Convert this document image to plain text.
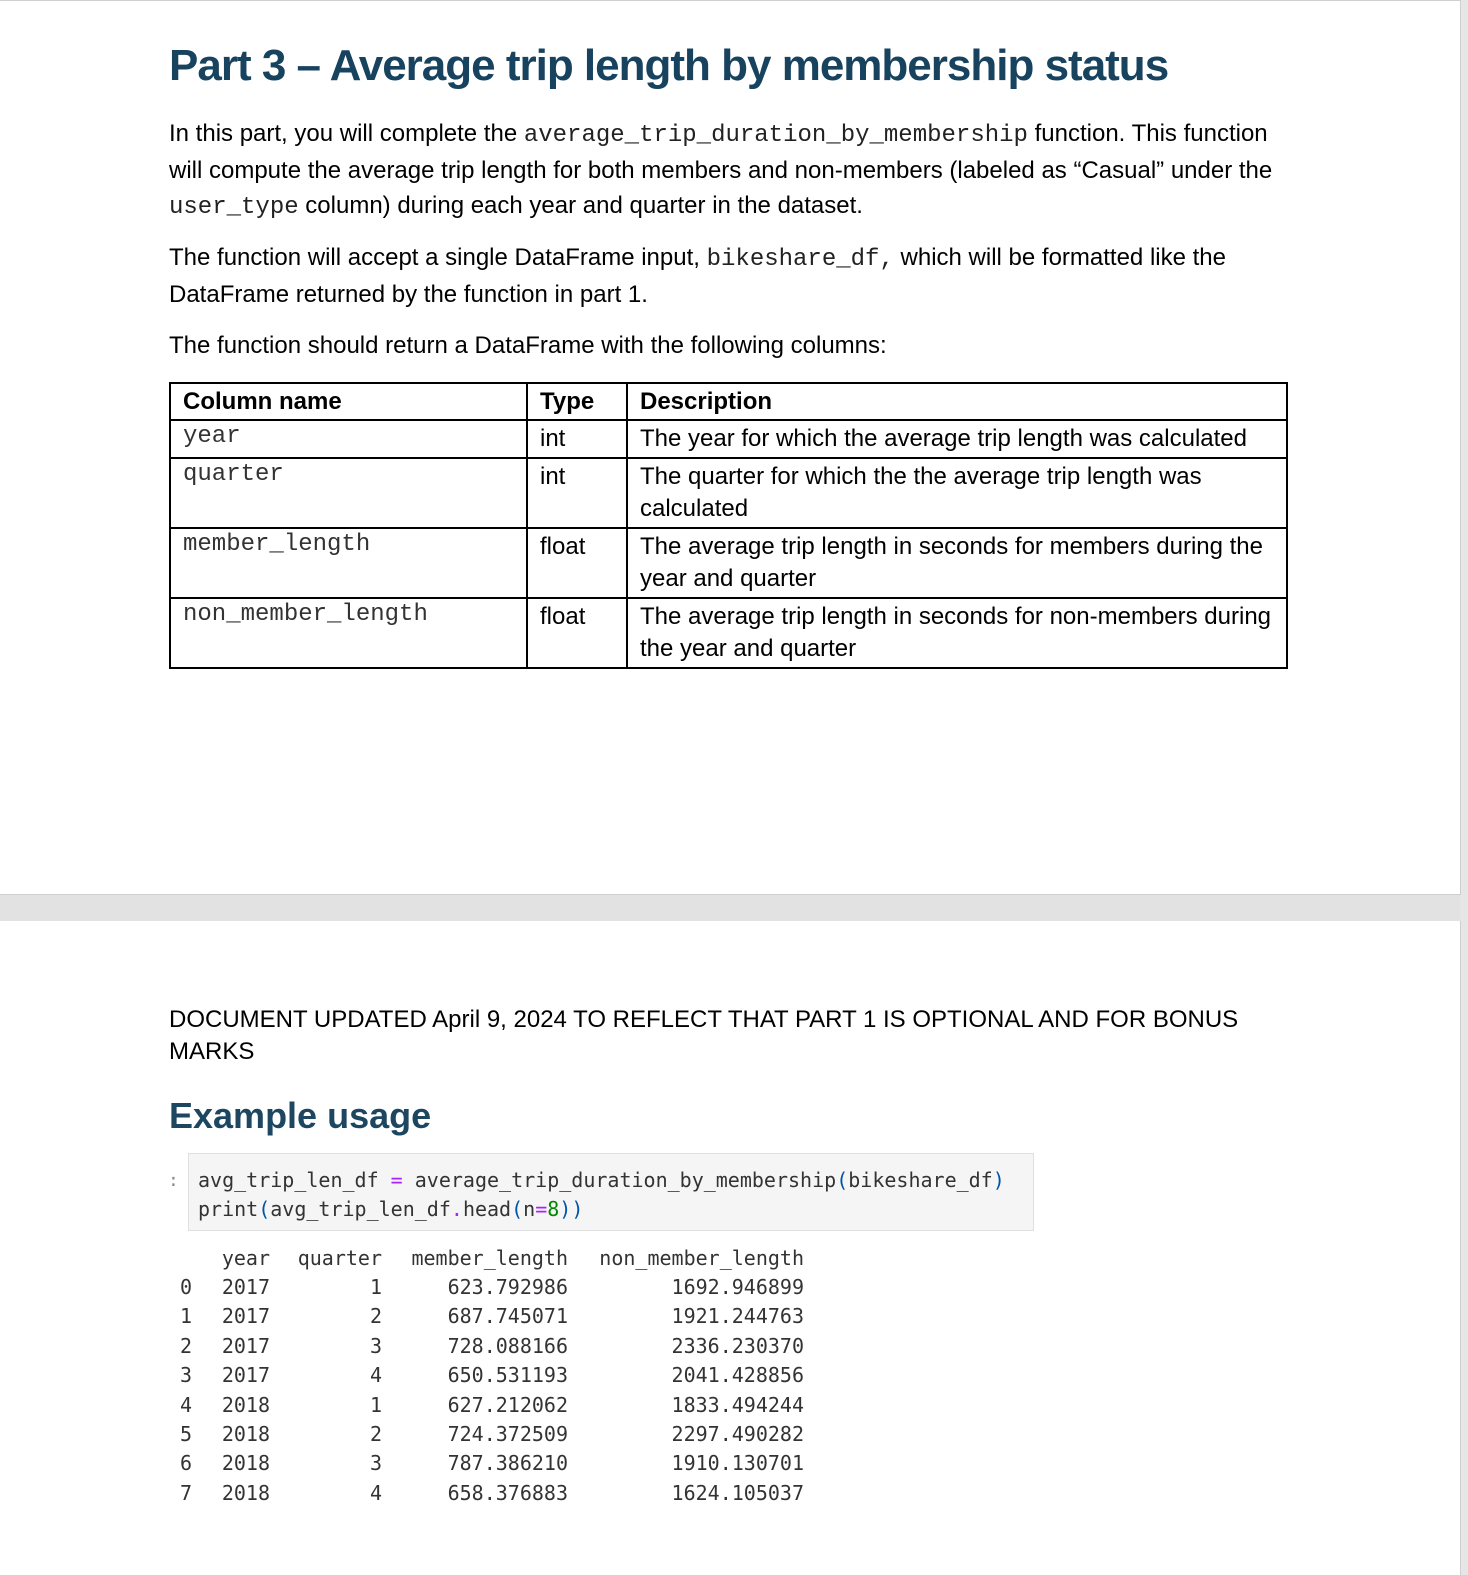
Part 3 – Average trip length by membership status

In this part, you will complete the average_trip_duration_by_membership function. This function will compute the average trip length for both members and non-members (labeled as “Casual” under the user_type column) during each year and quarter in the dataset.

The function will accept a single DataFrame input, bikeshare_df, which will be formatted like the DataFrame returned by the function in part 1.

The function should return a DataFrame with the following columns:

Column name	Type	Description
year	int	The year for which the average trip length was calculated
quarter	int	The quarter for which the the average trip length was calculated
member_length	float	The average trip length in seconds for members during the year and quarter
non_member_length	float	The average trip length in seconds for non-members during the year and quarter

DOCUMENT UPDATED April 9, 2024 TO REFLECT THAT PART 1 IS OPTIONAL AND FOR BONUS MARKS

Example usage
: avg_trip_len_df = average_trip_duration_by_membership(bikeshare_df)
print(avg_trip_len_df.head(n=8))
	year	quarter	member_length	non_member_length
0	2017	1	623.792986	1692.946899
1	2017	2	687.745071	1921.244763
2	2017	3	728.088166	2336.230370
3	2017	4	650.531193	2041.428856
4	2018	1	627.212062	1833.494244
5	2018	2	724.372509	2297.490282
6	2018	3	787.386210	1910.130701
7	2018	4	658.376883	1624.105037
